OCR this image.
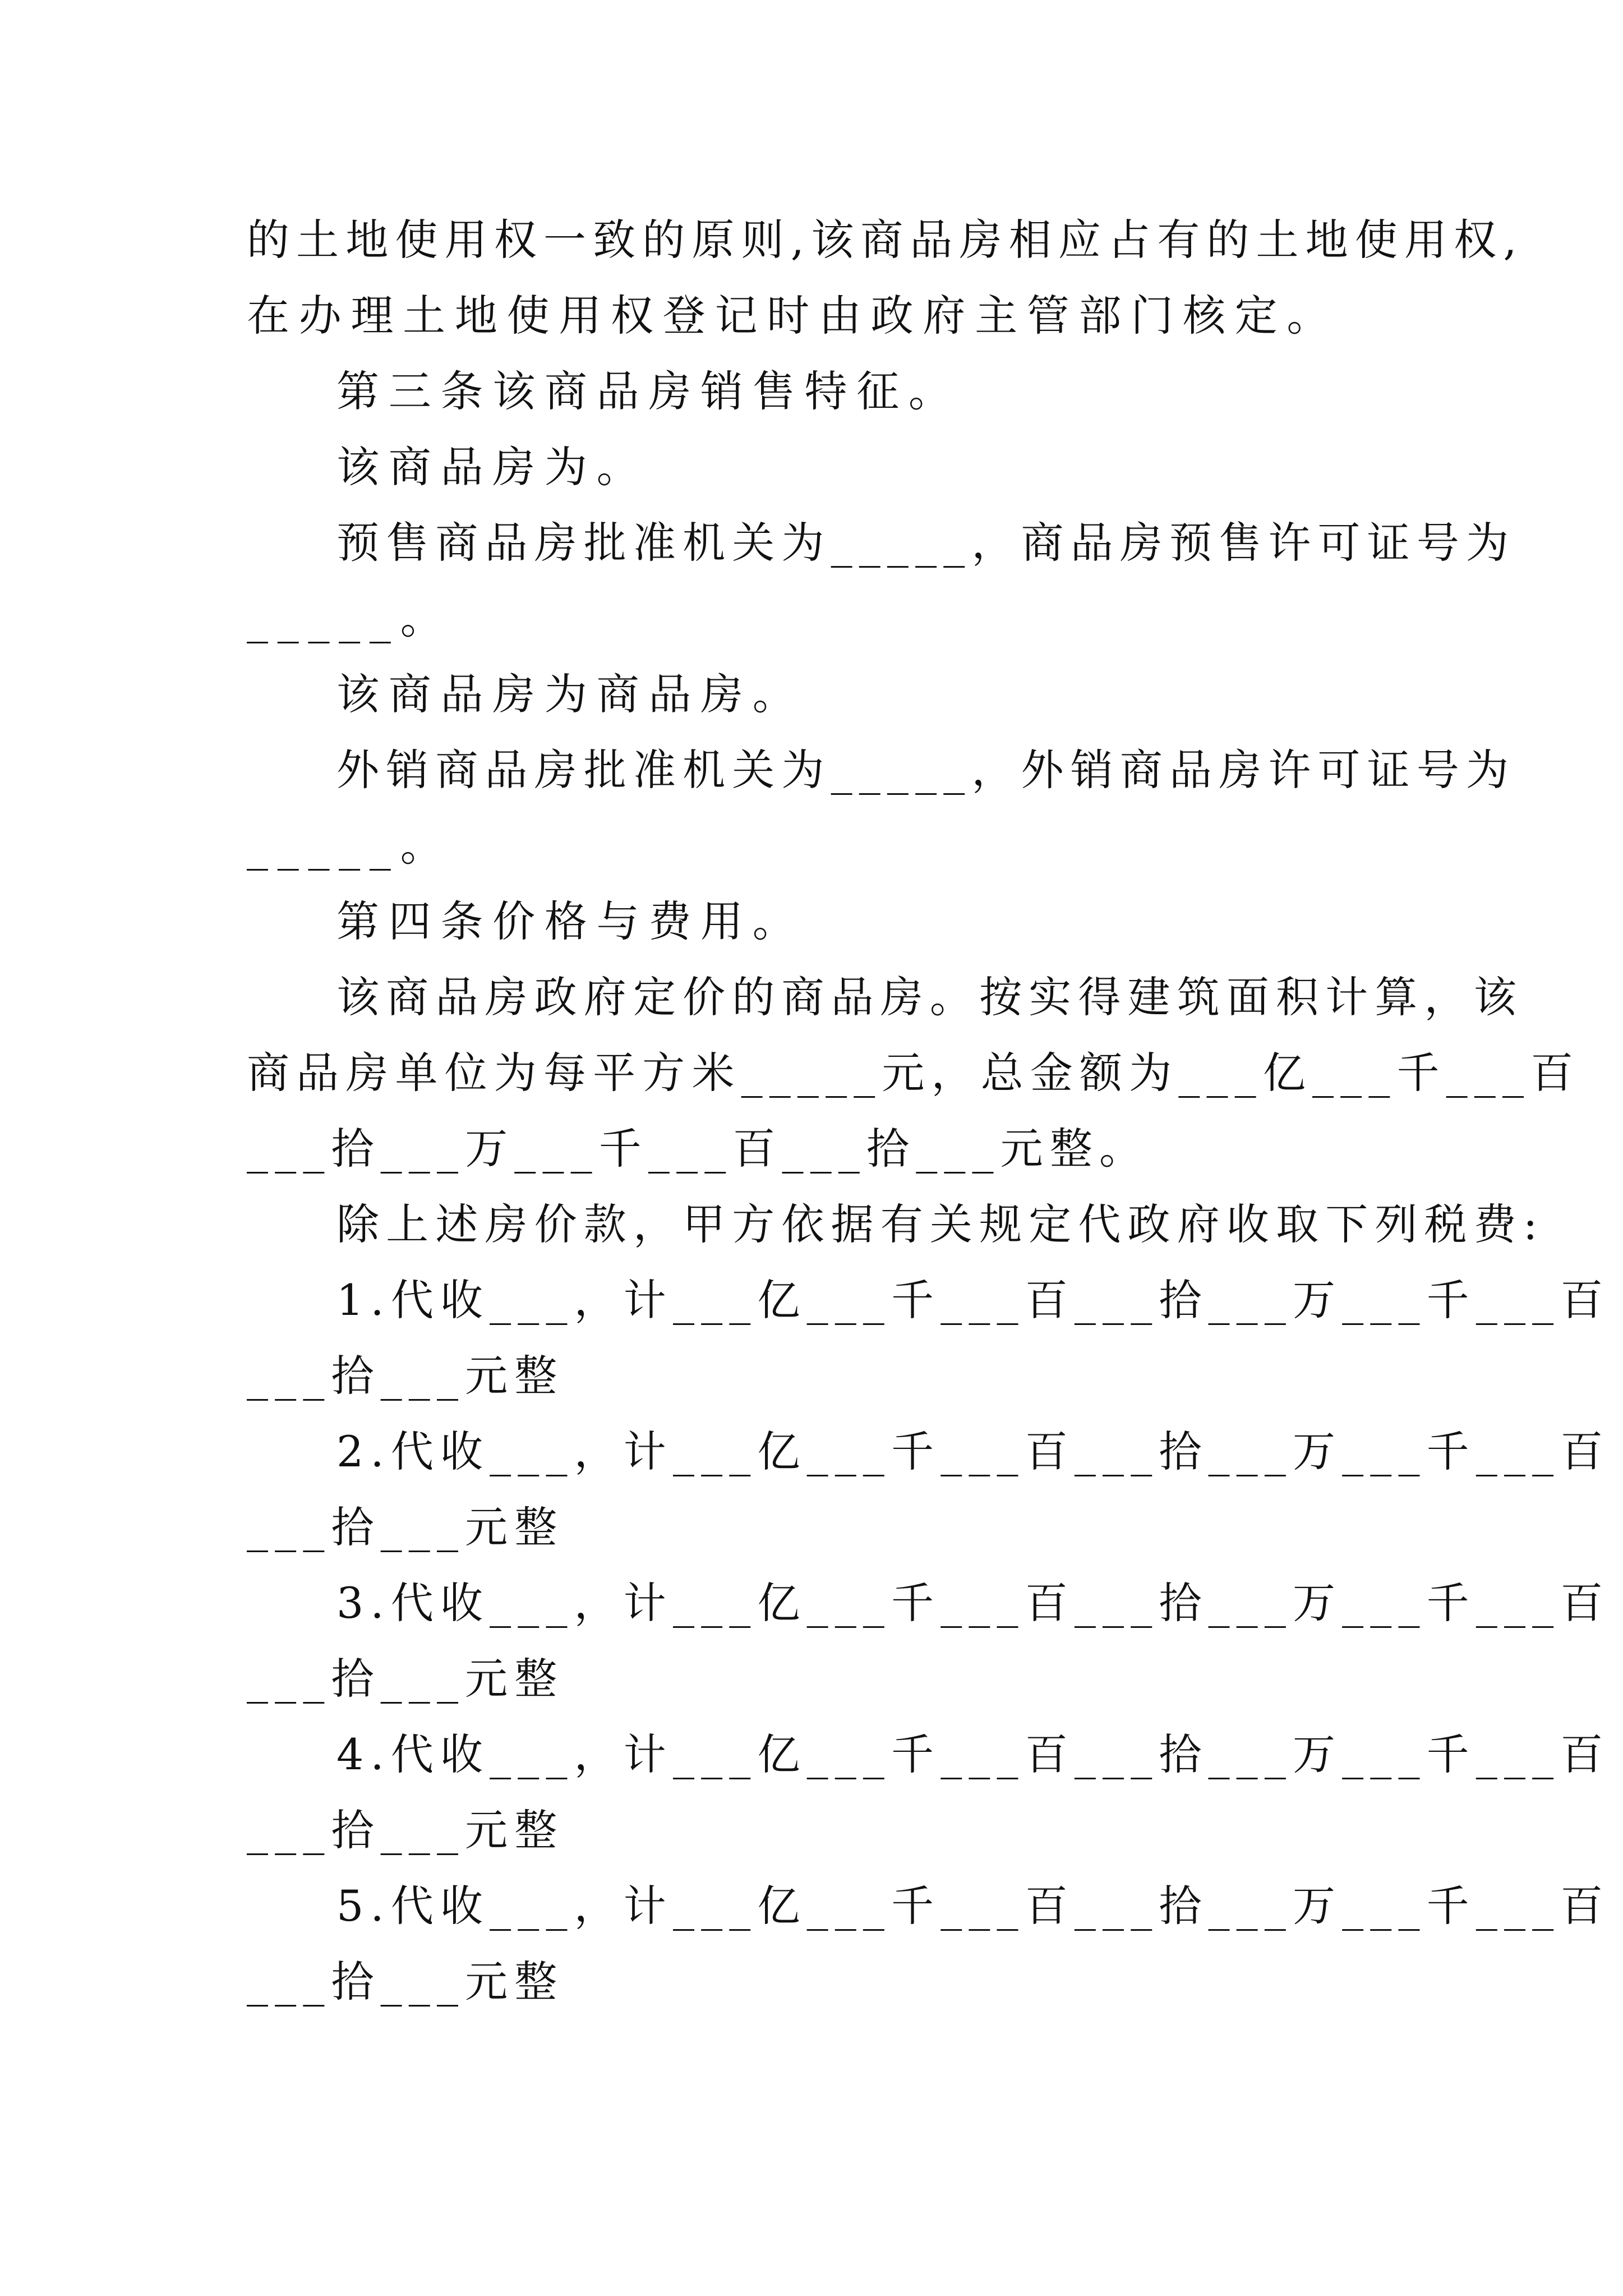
的土地使用权一致的原则,该商品房相应占有的土地使用权,
在办理土地使用权登记时由政府主管部门核定。
第三条该商品房销售特征。
该商品房为。
预售商品房批准机关为_____，商品房预售许可证号为
_____。
该商品房为商品房。
外销商品房批准机关为_____，外销商品房许可证号为
_____。
第四条价格与费用。
该商品房政府定价的商品房。按实得建筑面积计算，该
商品房单位为每平方米_____元，总金额为___亿___千___百
___拾___万___千___百___拾___元整。
除上述房价款，甲方依据有关规定代政府收取下列税费:
1.代收___，计___亿___千___百___拾___万___千___百
___拾___元整
2.代收___，计___亿___千___百___拾___万___千___百
___拾___元整
3.代收___，计___亿___千___百___拾___万___千___百
___拾___元整
4.代收___，计___亿___千___百___拾___万___千___百
___拾___元整
5.代收___，计___亿___千___百___拾___万___千___百
___拾___元整
